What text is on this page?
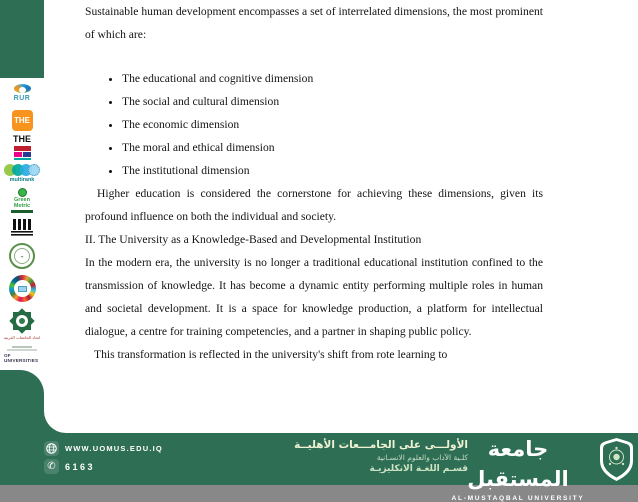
RUR
THE
THE
multirank
Green
Metric
❧
اتحاد الجامعات العربية
OF UNIVERSITIES

Sustainable human development encompasses a set of interrelated dimensions, the most prominent of which are:

• The educational and cognitive dimension
• The social and cultural dimension
• The economic dimension
• The moral and ethical dimension
• The institutional dimension

Higher education is considered the cornerstone for achieving these dimensions, given its profound influence on both the individual and society.

II. The University as a Knowledge-Based and Developmental Institution

In the modern era, the university is no longer a traditional educational institution confined to the transmission of knowledge. It has become a dynamic entity performing multiple roles in human and societal development. It is a space for knowledge production, a platform for intellectual dialogue, a centre for training competencies, and a partner in shaping public policy.

This transformation is reflected in the university's shift from rote learning to

WWW.UOMUS.EDU.IQ
✆ 6163
الأولـــى على الجامـــعات الأهليــة
كلـية الآداب والعلوم الانسـانية
قسـم اللغـة الانكليزيـة
جامعة المستقبل
AL-MUSTAQBAL UNIVERSITY
